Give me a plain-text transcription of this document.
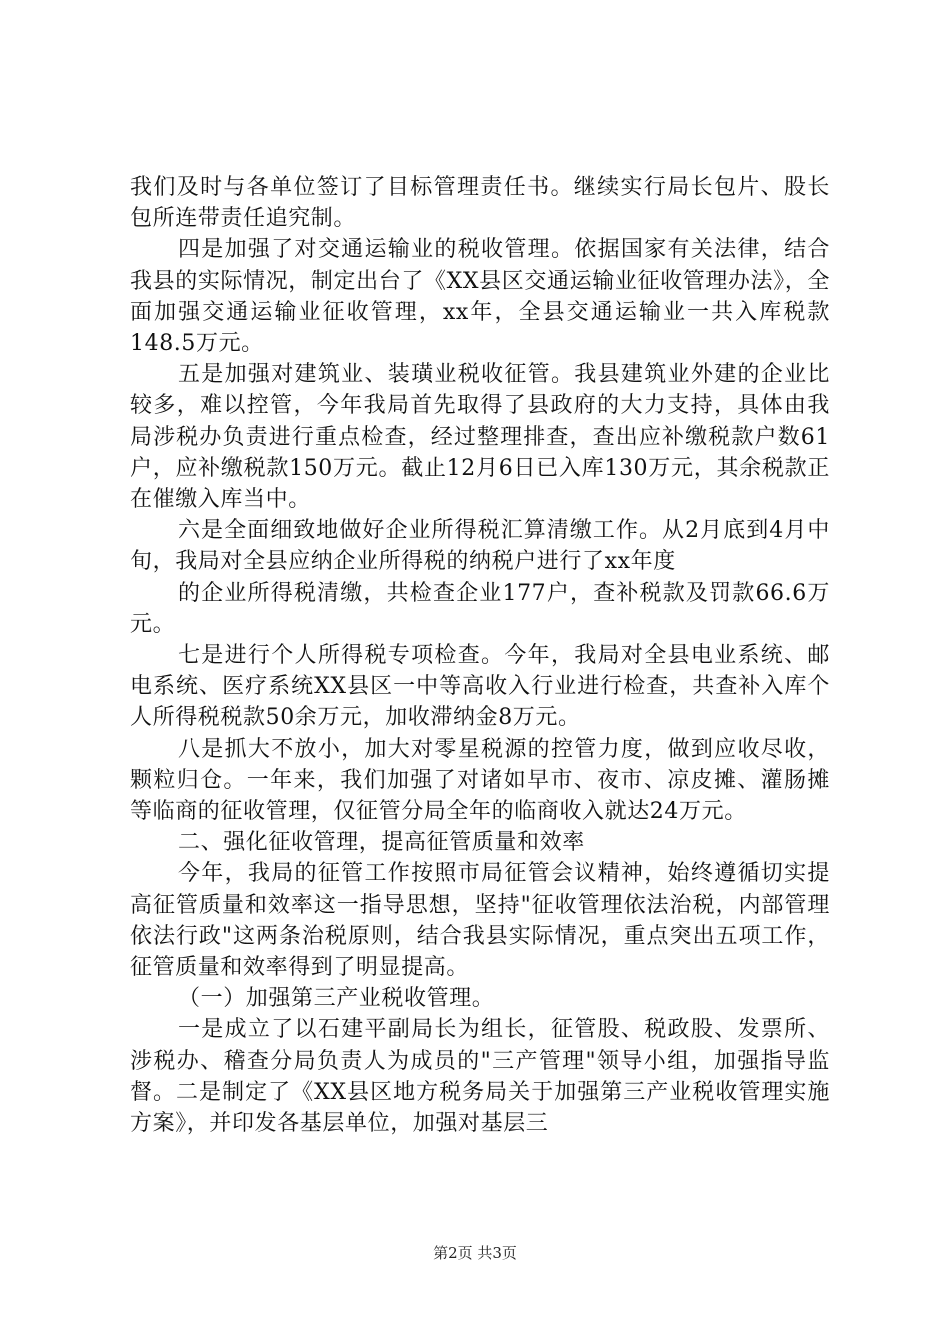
我们及时与各单位签订了目标管理责任书。继续实行局长包片、股长包所连带责任追究制。

四是加强了对交通运输业的税收管理。依据国家有关法律，结合我县的实际情况，制定出台了《XX县区交通运输业征收管理办法》，全面加强交通运输业征收管理，xx年，全县交通运输业一共入库税款148.5万元。

五是加强对建筑业、装璜业税收征管。我县建筑业外建的企业比较多，难以控管，今年我局首先取得了县政府的大力支持，具体由我局涉税办负责进行重点检查，经过整理排查，查出应补缴税款户数61户，应补缴税款150万元。截止12月6日已入库130万元，其余税款正在催缴入库当中。

六是全面细致地做好企业所得税汇算清缴工作。从2月底到4月中旬，我局对全县应纳企业所得税的纳税户进行了xx年度

的企业所得税清缴，共检查企业177户，查补税款及罚款66.6万元。

七是进行个人所得税专项检查。今年，我局对全县电业系统、邮电系统、医疗系统XX县区一中等高收入行业进行检查，共查补入库个人所得税税款50余万元，加收滞纳金8万元。

八是抓大不放小，加大对零星税源的控管力度，做到应收尽收，颗粒归仓。一年来，我们加强了对诸如早市、夜市、凉皮摊、灌肠摊等临商的征收管理，仅征管分局全年的临商收入就达24万元。

二、强化征收管理，提高征管质量和效率

今年，我局的征管工作按照市局征管会议精神，始终遵循切实提高征管质量和效率这一指导思想，坚持"征收管理依法治税，内部管理依法行政"这两条治税原则，结合我县实际情况，重点突出五项工作，征管质量和效率得到了明显提高。

（一）加强第三产业税收管理。

一是成立了以石建平副局长为组长，征管股、税政股、发票所、涉税办、稽查分局负责人为成员的"三产管理"领导小组，加强指导监督。二是制定了《XX县区地方税务局关于加强第三产业税收管理实施方案》，并印发各基层单位，加强对基层三

第2页 共3页
